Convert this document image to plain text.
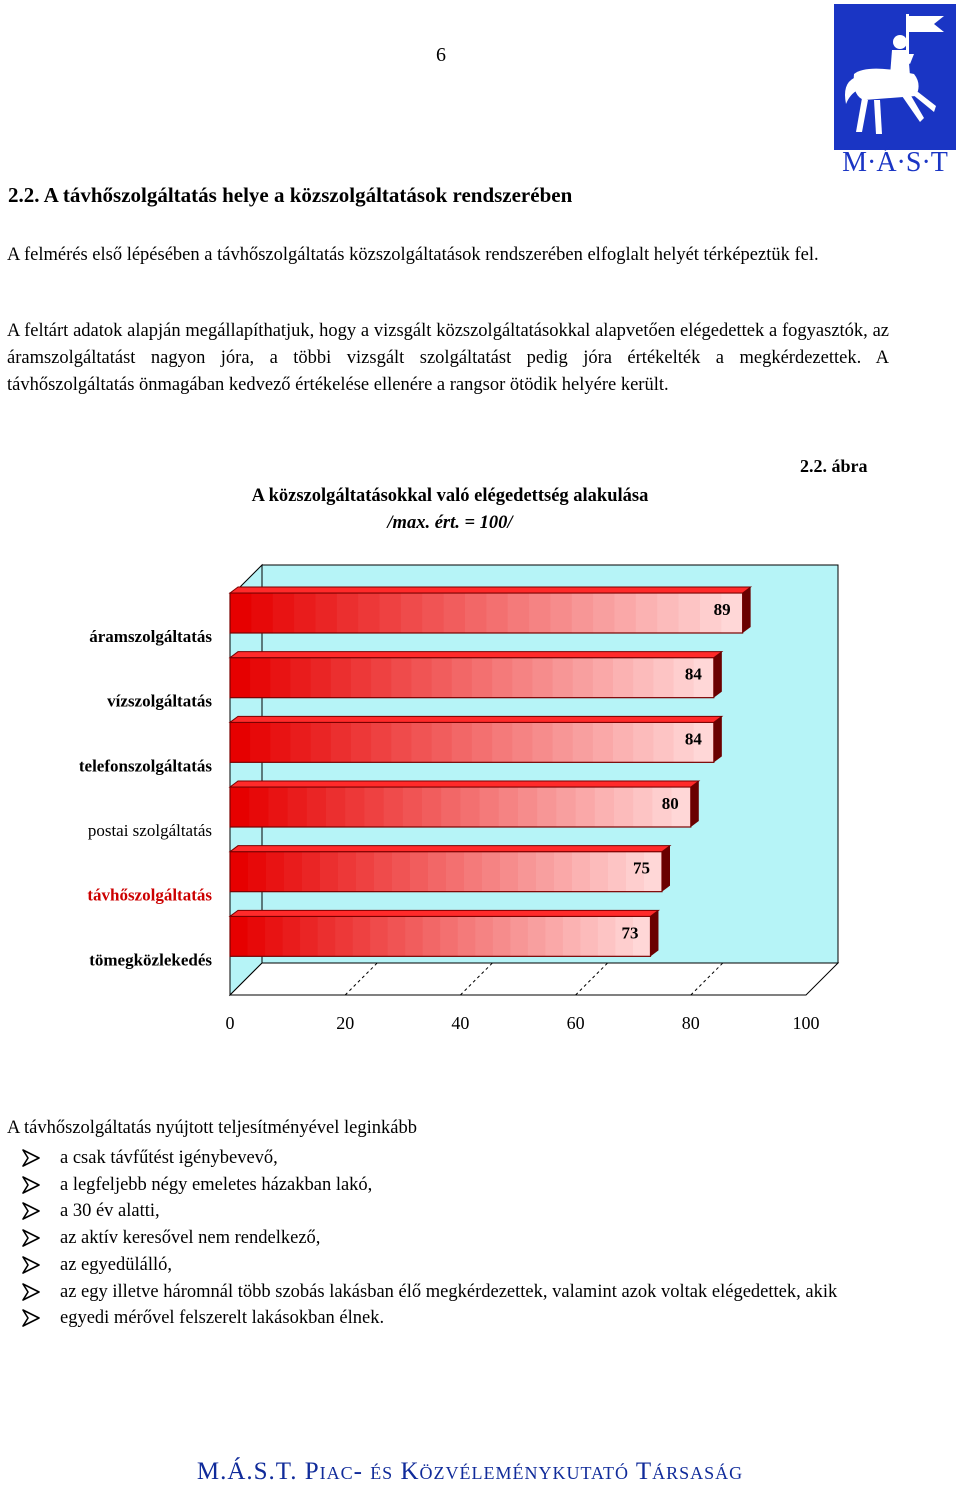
6
M·Á·S·T
2.2. A távhőszolgáltatás helye a közszolgáltatások rendszerében
A felmérés első lépésében a távhőszolgáltatás közszolgáltatások rendszerében elfoglalt helyét térképeztük fel.
A feltárt adatok alapján megállapíthatjuk, hogy a vizsgált közszolgáltatásokkal alapvetően elégedettek a fogyasztók, az áramszolgáltatást nagyon jóra, a többi vizsgált szolgáltatást pedig jóra értékelték a megkérdezettek. A távhőszolgáltatás önmagában kedvező értékelése ellenére a rangsor ötödik helyére került.
2.2. ábra
A közszolgáltatásokkal való elégedettség alakulása
/max. ért. = 100/
89
84
84
80
75
73
áramszolgáltatás
vízszolgáltatás
telefonszolgáltatás
postai szolgáltatás
távhőszolgáltatás
tömegközlekedés
0	20	40	60	80	100
A távhőszolgáltatás nyújtott teljesítményével leginkább
a csak távfűtést igénybevevő,
a legfeljebb négy emeletes házakban lakó,
a 30 év alatti,
az aktív keresővel nem rendelkező,
az egyedülálló,
az egy illetve háromnál több szobás lakásban élő megkérdezettek, valamint azok voltak elégedettek, akik
egyedi mérővel felszerelt lakásokban élnek.
M.Á.S.T. Piac- és Közvéleménykutató Társaság
